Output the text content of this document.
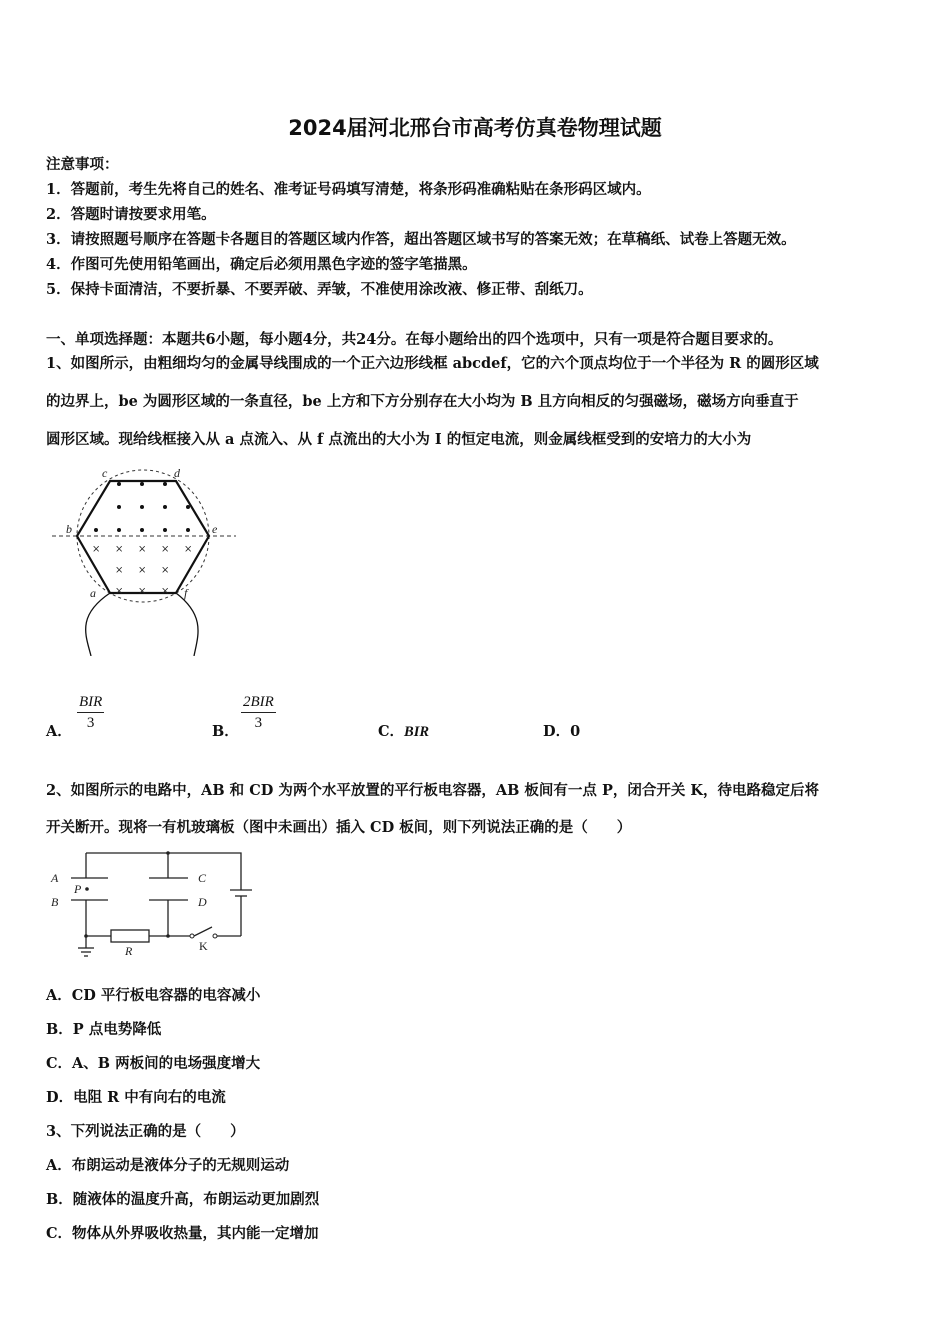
2024届河北邢台市高考仿真卷物理试题
注意事项：
1．答题前，考生先将自己的姓名、准考证号码填写清楚，将条形码准确粘贴在条形码区域内。
2．答题时请按要求用笔。
3．请按照题号顺序在答题卡各题目的答题区域内作答，超出答题区域书写的答案无效；在草稿纸、试卷上答题无效。
4．作图可先使用铅笔画出，确定后必须用黑色字迹的签字笔描黑。
5．保持卡面清洁，不要折暴、不要弄破、弄皱，不准使用涂改液、修正带、刮纸刀。
一、单项选择题：本题共6小题，每小题4分，共24分。在每小题给出的四个选项中，只有一项是符合题目要求的。
1、如图所示，由粗细均匀的金属导线围成的一个正六边形线框 abcdef，它的六个顶点均位于一个半径为 R 的圆形区域
的边界上，be 为圆形区域的一条直径，be 上方和下方分别存在大小均为 B 且方向相反的匀强磁场，磁场方向垂直于
圆形区域。现给线框接入从 a 点流入、从 f 点流出的大小为 I 的恒定电流，则金属线框受到的安培力的大小为
× × × × ×
× × ×
× × ×
c	d
b	e
a	f
A．
BIR
3	B．
2BIR
3	C．BIR	D．0
2、如图所示的电路中，AB 和 CD 为两个水平放置的平行板电容器，AB 板间有一点 P，闭合开关 K，待电路稳定后将
开关断开。现将一有机玻璃板（图中未画出）插入 CD 板间，则下列说法正确的是（　　）
A
B
P
C
D
R	K
A．CD 平行板电容器的电容减小
B．P 点电势降低
C．A、B 两板间的电场强度增大
D．电阻 R 中有向右的电流
3、下列说法正确的是（　　）
A．布朗运动是液体分子的无规则运动
B．随液体的温度升高，布朗运动更加剧烈
C．物体从外界吸收热量，其内能一定增加
